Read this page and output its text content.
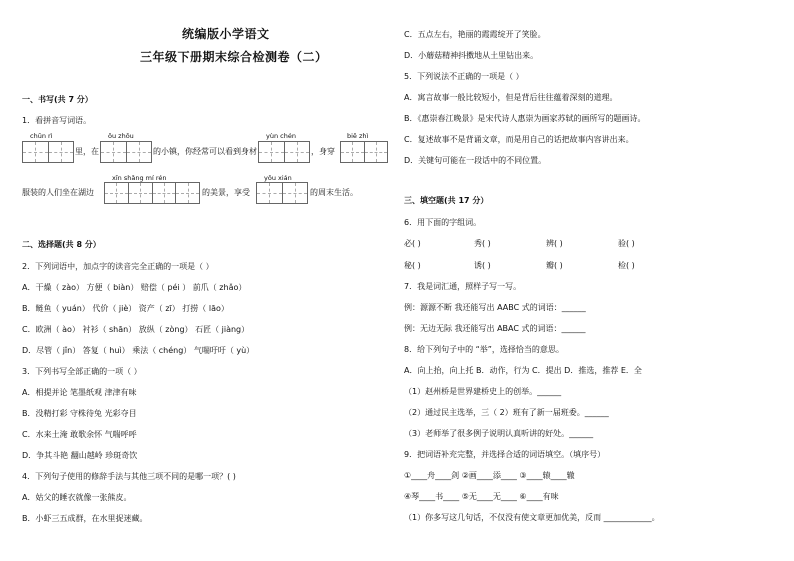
统编版小学语文
三年级下册期末综合检测卷（二）
一、书写(共 7 分）
1．看拼音写词语。
chūn rì
里，在
ōu zhōu
的小镇，你经常可以看到身材
yùn chén
，身穿
biē zhì
服装的人们坐在湖边
xīn shǎng mí rén
的美景，享受
yōu xián
的周末生活。
二、选择题(共 8 分）
2．下列词语中，加点字的读音完全正确的一项是（ ）
A．干燥（ zào） 方便（ biàn） 赔偿（ péi ） 前爪（ zhǎo）
B．鲢鱼（ yuán） 代价（ jiè） 资产（ zī） 打捞（ lāo）
C．欧洲（ ào） 衬衫（ shān） 放纵（ zòng） 石匠（ jiàng）
D．尽管（ jǐn） 答复（ huì） 乘法（ chéng） 气喘吁吁（ yù）
3．下列书写全部正确的一项（ ）
A．相提并论 笔墨纸观 津津有味
B．没精打彩 守株待兔 光彩夺目
C．水来土淹 敢歌余怀 气喘呼呼
D．争其斗艳 翻山越岭 珍斑奇饮
4．下列句子使用的修辞手法与其他三项不同的是哪一项？( )
A．姑父的睡衣就像一张熊皮。
B．小虾三五成群，在水里捉迷藏。
C．五点左右，艳丽的霞霞绽开了笑脸。
D．小蘑菇精神抖擞地从土里钻出来。
5．下列说法不正确的一项是（ ）
A．寓言故事一般比较短小，但是背后往往蕴着深刻的道理。
B．《惠崇春江晚景》是宋代诗人惠崇为画家苏轼的画所写的题画诗。
C．复述故事不是背诵文章，而是用自己的话把故事内容讲出来。
D．关键句可能在一段话中的不同位置。
三、填空题(共 17 分）
6．用下面的字组词。
必( )	秀( )	辨( )	验( )
秘( )	诱( )	瓣( )	检( )
7．我是词汇通，照样子写一写。
例：源源不断 我还能写出 AABC 式的词语：______
例：无边无际 我还能写出 ABAC 式的词语：______
8．给下列句子中的 “举”，选择恰当的意思。
A．向上抬，向上托 B．动作，行为 C．提出 D．推选，推荐 E．全
（1）赵州桥是世界建桥史上的创举。______
（2）通过民主选举，三（ 2）班有了新一届班委。______
（3）老师举了很多例子说明认真听讲的好处。______
9．把词语补充完整，并选择合适的词语填空。（填序号）
①____舟____剑 ②画____添____ ③____辕____辙
④琴____书____ ⑤无____无____ ⑥____有味
（1）你多写这几句话，不仅没有使文章更加优美，反而 ____________。
